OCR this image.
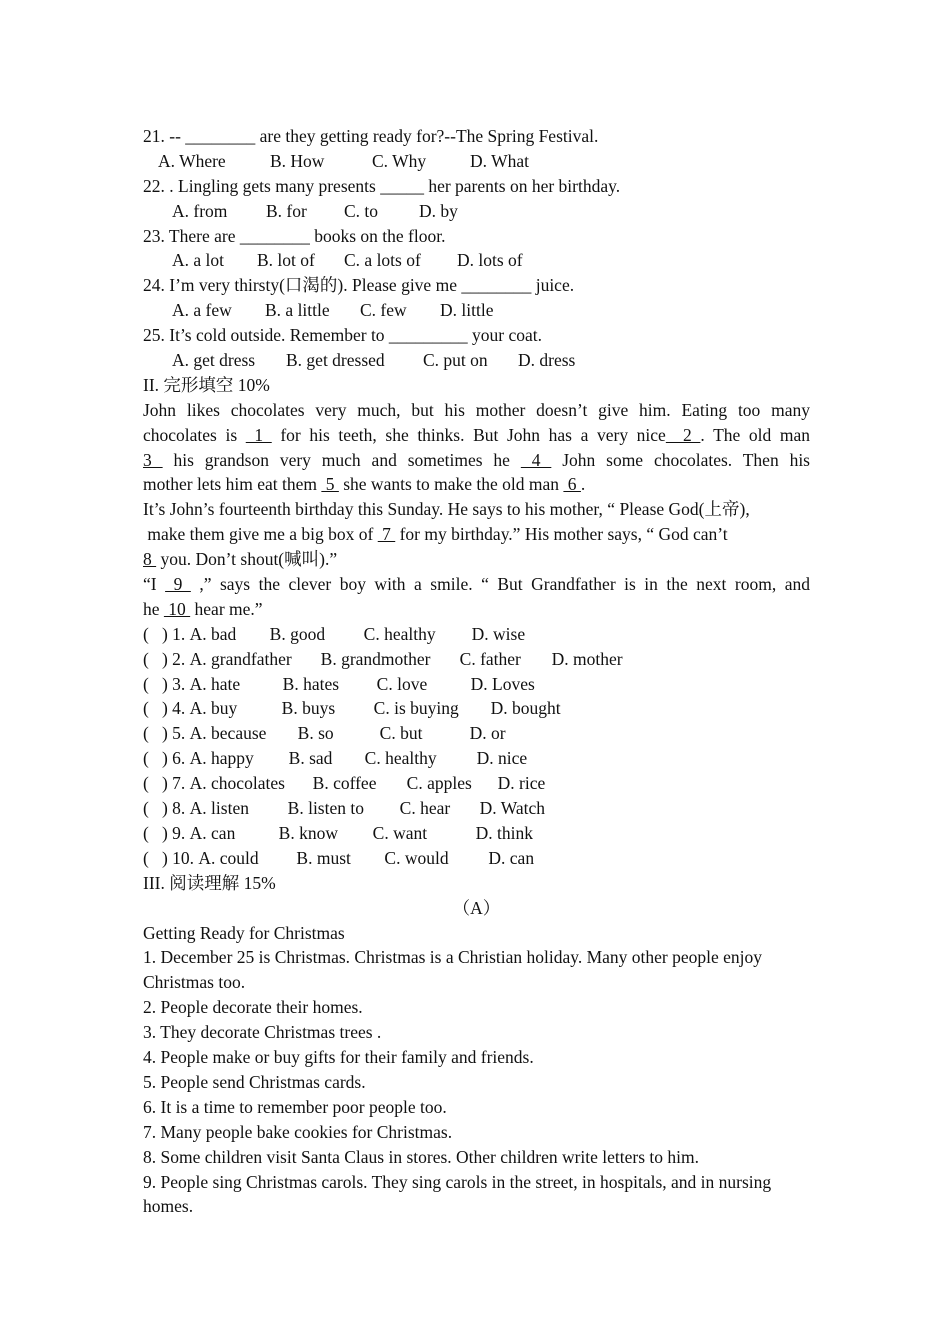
21. -- ________ are they getting ready for?--The Spring Festival.
A. Where	B. How	C. Why	D. What
22. . Lingling gets many presents _____ her parents on her birthday.
A. from B. for C. to D. by
23. There are ________ books on the floor.
A. a lot B. lot of C. a lots of D. lots of
24. I’m very thirsty(口渴的). Please give me ________ juice.
A. a few B. a little C. few D. little
25. It’s cold outside. Remember to _________ your coat.
A. get dress B. get dressed C. put on D. dress
II. 完形填空 10%
John likes chocolates very much, but his mother doesn’t give him. Eating too many
chocolates is  1  for his teeth, she thinks. But John has a very nice  2 . The old man
3  his grandson very much and sometimes he  4  John some chocolates. Then his
mother lets him eat them  5  she wants to make the old man  6 .
It’s John’s fourteenth birthday this Sunday. He says to his mother, “ Please God(上帝),
make them give me a big box of  7  for my birthday.” His mother says, “ God can’t
8  you. Don’t shout(喊叫).”
“I  9  ,” says the clever boy with a smile. “ But Grandfather is in the next room, and
he  10  hear me.”
(   ) 1. A. bad B. good C. healthy D. wise
(   ) 2. A. grandfather B. grandmother C. father D. mother
(   ) 3. A. hate B. hates C. love D. Loves
(   ) 4. A. buy	B. buys C. is buying D. bought
(   ) 5. A. because B. so	C. but	D. or
(   ) 6. A. happy B. sad C. healthy D. nice
(   ) 7. A. chocolates B. coffee C. apples D. rice
(   ) 8. A. listen B. listen to C. hear D. Watch
(   ) 9. A. can B. know C. want	D. think
(   ) 10. A. could B. must C. would D. can
III. 阅读理解 15%
（A）
Getting Ready for Christmas
1. December 25 is Christmas. Christmas is a Christian holiday. Many other people enjoy Christmas too.
2. People decorate their homes.
3. They decorate Christmas trees .
4. People make or buy gifts for their family and friends.
5. People send Christmas cards.
6. It is a time to remember poor people too.
7. Many people bake cookies for Christmas.
8. Some children visit Santa Claus in stores. Other children write letters to him.
9. People sing Christmas carols. They sing carols in the street, in hospitals, and in nursing homes.
